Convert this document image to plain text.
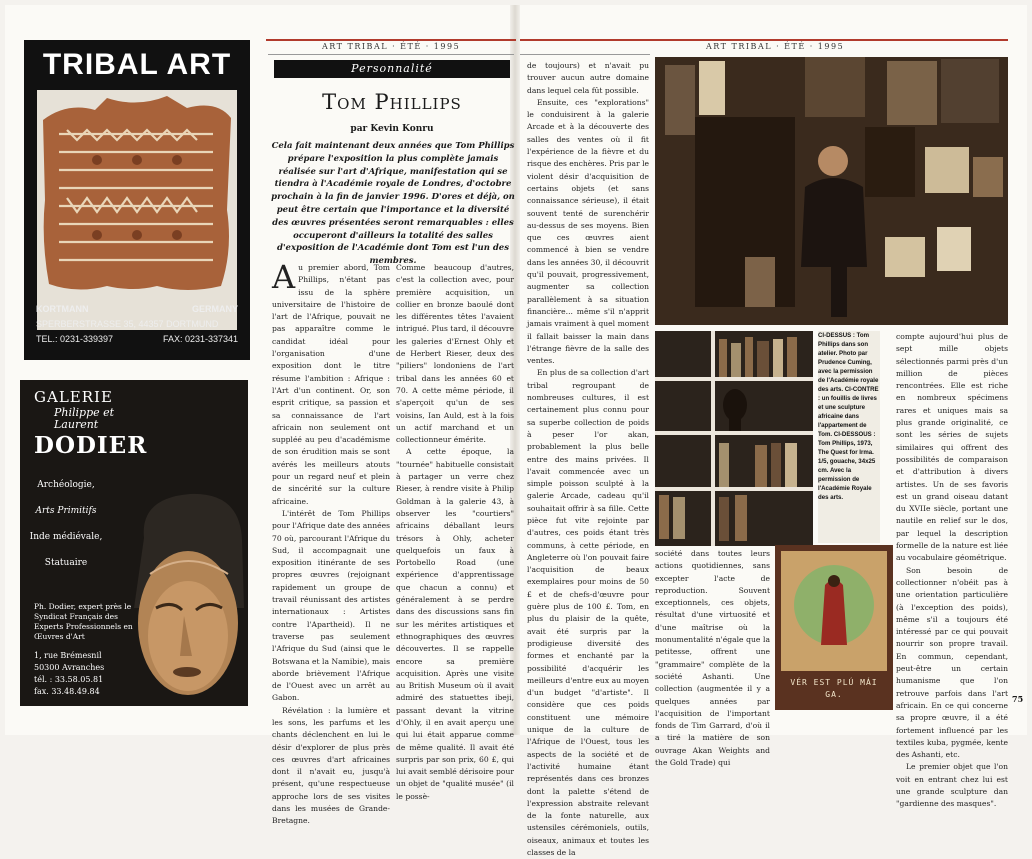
TRIBAL ART
KORTMANN	GERMANY
SPERBERSTRASSE 35, 44357 DORTMUND
TEL.: 0231-339397	FAX: 0231-337341
GALERIE
Philippe et
Laurent
DODIER
Archéologie,
Arts Primitifs
Inde médiévale,
Statuaire
Ph. Dodier, expert près le Syndicat Français des Experts Professionnels en Œuvres d'Art
1, rue Brémesnil
50300 Avranches
tél. : 33.58.05.81
fax. 33.48.49.84
ART TRIBAL · ÉTÉ · 1995	ART TRIBAL · ÉTÉ · 1995
Personnalité
Tom Phillips
par Kevin Konru
Cela fait maintenant deux années que Tom Phillips prépare l'exposition la plus complète jamais réalisée sur l'art d'Afrique, manifestation qui se tiendra à l'Académie royale de Londres, d'octobre prochain à la fin de janvier 1996. D'ores et déjà, on peut être certain que l'importance et la diversité des œuvres présentées seront remarquables : elles occuperont d'ailleurs la totalité des salles d'exposition de l'Académie dont Tom est l'un des membres.
A u premier abord, Tom Phillips, n'étant pas issu de la sphère universitaire de l'histoire de l'art de l'Afrique, pouvait ne pas apparaître comme le candidat idéal pour l'organisation d'une exposition dont le titre résume l'ambition : Afrique : l'Art d'un continent. Or, son esprit critique, sa passion et sa connaissance de l'art africain non seulement ont suppléé au peu d'académisme de son érudition mais se sont avérés les meilleurs atouts pour un regard neuf et plein de sincérité sur la culture africaine.

L'intérêt de Tom Phillips pour l'Afrique date des années 70 où, parcourant l'Afrique du Sud, il accompagnait une exposition itinérante de ses propres œuvres (rejoignant rapidement un groupe de travail réunissant des artistes internationaux : Artistes contre l'Apartheid). Il ne traverse pas seulement l'Afrique du Sud (ainsi que le Botswana et la Namibie), mais aborde brièvement l'Afrique de l'Ouest avec un arrêt au Gabon.

Révélation : la lumière et les sons, les parfums et les chants déclenchent en lui le désir d'explorer de plus près ces œuvres d'art africaines dont il n'avait eu, jusqu'à présent, qu'une respectueuse approche lors de ses visites dans les musées de Grande-Bretagne.

Comme beaucoup d'autres, c'est la collection avec, pour première acquisition, un collier en bronze baoulé dont les différentes têtes l'avaient intrigué. Plus tard, il découvre les galeries d'Ernest Ohly et de Herbert Rieser, deux des "piliers" londoniens de l'art tribal dans les années 60 et 70. A cette même période, il s'aperçoit qu'un de ses voisins, Ian Auld, est à la fois un actif marchand et un collectionneur émérite.

A cette époque, la "tournée" habituelle consistait à partager un verre chez Rieser, à rendre visite à Philip Goldman à la galerie 43, à observer les "courtiers" africains déballant leurs trésors à Ohly, acheter quelquefois un faux à Portobello Road (une expérience d'apprentissage que chacun a connu) et généralement à se perdre dans des discussions sans fin sur les mérites artistiques et ethnographiques des œuvres découvertes. Il se rappelle encore sa première acquisition. Après une visite au British Museum où il avait admiré des statuettes ibeji, passant devant la vitrine d'Ohly, il en avait aperçu une qui lui était apparue comme de même qualité. Il avait été surpris par son prix, 60 £, qui lui avait semblé dérisoire pour un objet de "qualité musée" (il le possè-

de toujours) et n'avait pu trouver aucun autre domaine dans lequel cela fût possible.

Ensuite, ces "explorations" le conduisirent à la galerie Arcade et à la découverte des salles des ventes où il fit l'expérience de la fièvre et du risque des enchères. Pris par le violent désir d'acquisition de certains objets (et sans connaissance sérieuse), il était souvent tenté de surenchérir au-dessus de ses moyens. Bien que ces œuvres aient commencé à bien se vendre dans les années 30, il découvrit qu'il pouvait, progressivement, augmenter sa collection parallèlement à sa situation financière... même s'il n'apprit jamais vraiment à quel moment il fallait baisser la main dans l'étrange fièvre de la salle des ventes.

En plus de sa collection d'art tribal regroupant de nombreuses cultures, il est certainement plus connu pour sa superbe collection de poids à peser l'or akan, probablement la plus belle entre des mains privées. Il l'avait commencée avec un simple poisson sculpté à la galerie Arcade, cadeau qu'il souhaitait offrir à sa fille. Cette pièce fut vite rejointe par d'autres, ces poids étant très communs, à cette période, en Angleterre où l'on pouvait faire l'acquisition de beaux exemplaires pour moins de 50 £ et de chefs-d'œuvre pour guère plus de 100 £. Tom, en plus du plaisir de la quête, avait été surpris par la prodigieuse diversité des formes et enchanté par la possibilité d'acquérir les meilleurs d'entre eux au moyen d'un budget "d'artiste". Il considère que ces poids constituent une mémoire unique de la culture de l'Afrique de l'Ouest, tous les aspects de la société et de l'activité humaine étant représentés dans ces bronzes dont la palette s'étend de l'expression abstraite relevant de la fonte naturelle, aux ustensiles cérémoniels, outils, oiseaux, animaux et toutes les classes de la

société dans toutes leurs actions quotidiennes, sans excepter l'acte de reproduction. Souvent exceptionnels, ces objets, résultat d'une virtuosité et d'une maîtrise où la monumentalité n'égale que la petitesse, offrent une "grammaire" complète de la société Ashanti. Une collection (augmentée il y a quelques années par l'acquisition de l'important fonds de Tim Garrard, d'où il a tiré la matière de son ouvrage Akan Weights and the Gold Trade) qui

compte aujourd'hui plus de sept mille objets sélectionnés parmi près d'un million de pièces rencontrées. Elle est riche en nombreux spécimens rares et uniques mais sa plus grande originalité, ce sont les séries de sujets similaires qui offrent des possibilités de comparaison et d'attribution à divers artistes. Un de ses favoris est un grand oiseau datant du XVIIe siècle, portant une nautile en relief sur le dos, par lequel la description formelle de la nature est liée au vocabulaire géométrique.

Son besoin de collectionner n'obéit pas à une orientation particulière (à l'exception des poids), même s'il a toujours été intéressé par ce qui pouvait nourrir son propre travail. En commun, cependant, peut-être un certain humanisme que l'on retrouve parfois dans l'art africain. En ce qui concerne sa propre œuvre, il a été fortement influencé par les textiles kuba, pygmée, kente des Ashanti, etc.

Le premier objet que l'on voit en entrant chez lui est une grande sculpture dan "gardienne des masques".

CI-DESSUS : Tom Phillips dans son atelier. Photo par Prudence Cuming, avec la permission de l'Académie royale des arts. CI-CONTRE : un fouillis de livres et une sculpture africaine dans l'appartement de Tom. CI-DESSOUS : Tom Phillips, 1973, The Quest for Irma. 1/5, gouache, 34x25 cm. Avec la permission de l'Académie Royale des arts.
VÉR EST PLÚ MÁI GA.	75
